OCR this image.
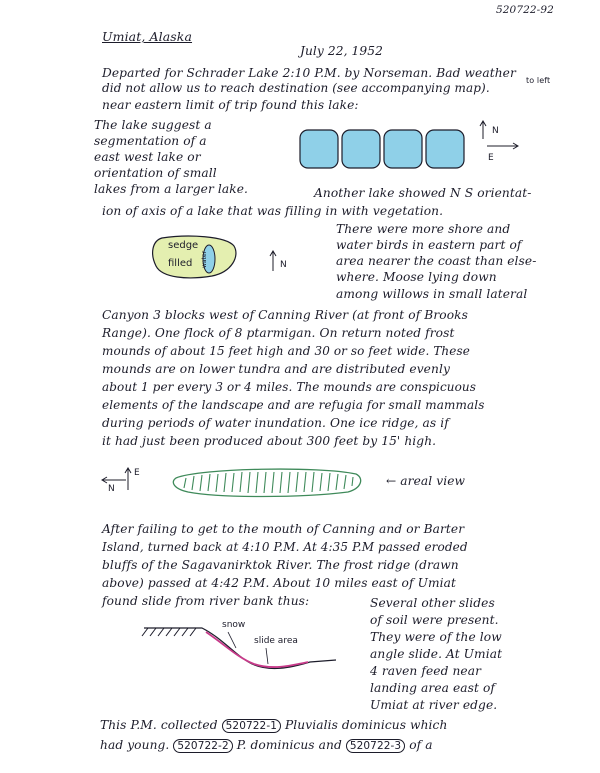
520722-92
Umiat, Alaska
July 22, 1952
Departed for Schrader Lake 2:10 P.M. by Norseman. Bad weather
to left
did not allow us to reach destination (see accompanying map).
near eastern limit of trip found this lake:
The lake suggest a
segmentation of a
east west lake or
orientation of small
lakes from a larger lake.
N
E
Another lake showed N S orientat-
ion of axis of a lake that was filling in with vegetation.
sedge
filled water	N
There were more shore and
water birds in eastern part of
area nearer the coast than else-
where. Moose lying down
among willows in small lateral
Canyon 3 blocks west of Canning River (at front of Brooks
Range). One flock of 8 ptarmigan. On return noted frost
mounds of about 15 feet high and 30 or so feet wide. These
mounds are on lower tundra and are distributed evenly
about 1 per every 3 or 4 miles. The mounds are conspicuous
elements of the landscape and are refugia for small mammals
during periods of water inundation. One ice ridge, as if
it had just been produced about 300 feet by 15' high.
E
N
← areal view
After failing to get to the mouth of Canning and or Barter
Island, turned back at 4:10 P.M. At 4:35 P.M passed eroded
bluffs of the Sagavanirktok River. The frost ridge (drawn
above) passed at 4:42 P.M. About 10 miles east of Umiat
found slide from river bank thus:
snow
slide area
Several other slides
of soil were present.
They were of the low
angle slide. At Umiat
4 raven feed near
landing area east of
Umiat at river edge.
This P.M. collected 520722-1 Pluvialis dominicus which
had young. 520722-2 P. dominicus and 520722-3 of a
